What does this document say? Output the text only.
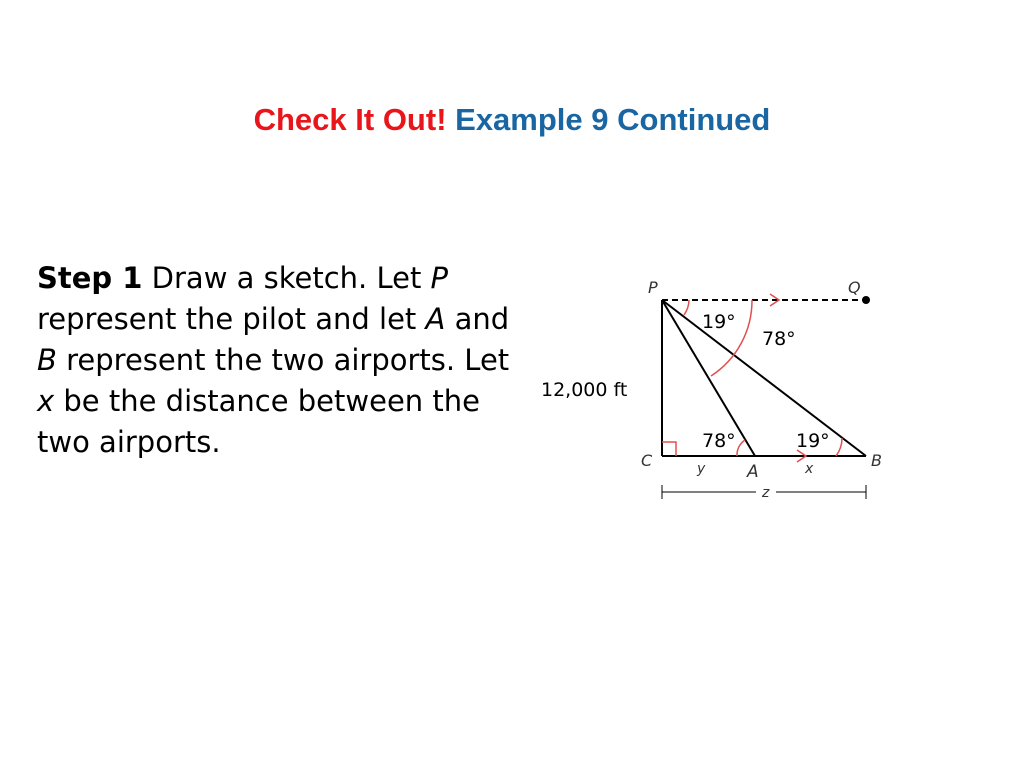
Check It Out! Example 9 Continued
Step 1 Draw a sketch. Let P represent the pilot and let A and B represent the two airports. Let x be the distance between the two airports.
P	Q
C
A
B
12,000 ft
19°
78°
78°	19°
y	x
z
